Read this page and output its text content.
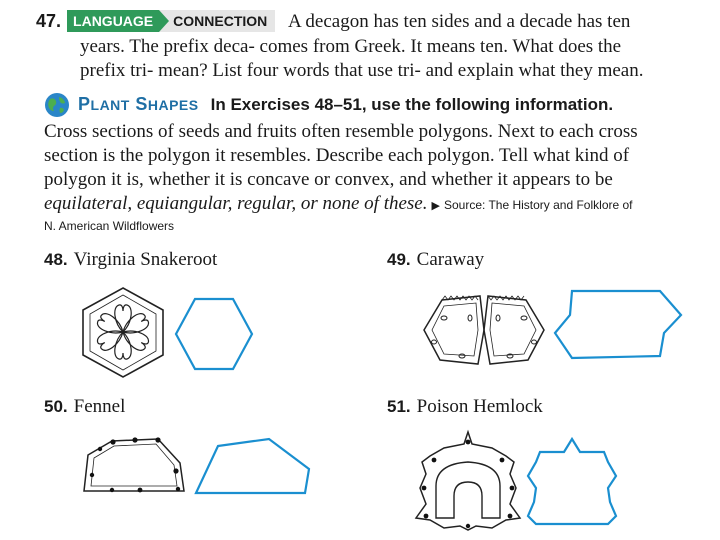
47. LANGUAGE	CONNECTION	A decagon has ten sides and a decade has ten
years. The prefix deca- comes from Greek. It means ten. What does the
prefix tri- mean? List four words that use tri- and explain what they mean.
PLANT SHAPES In Exercises 48–51, use the following information.
Cross sections of seeds and fruits often resemble polygons. Next to each cross
section is the polygon it resembles. Describe each polygon. Tell what kind of
polygon it is, whether it is concave or convex, and whether it appears to be
equilateral, equiangular, regular, or none of these. ▶ Source: The History and Folklore of
N. American Wildflowers
48. Virginia Snakeroot	49. Caraway
50. Fennel	51. Poison Hemlock
